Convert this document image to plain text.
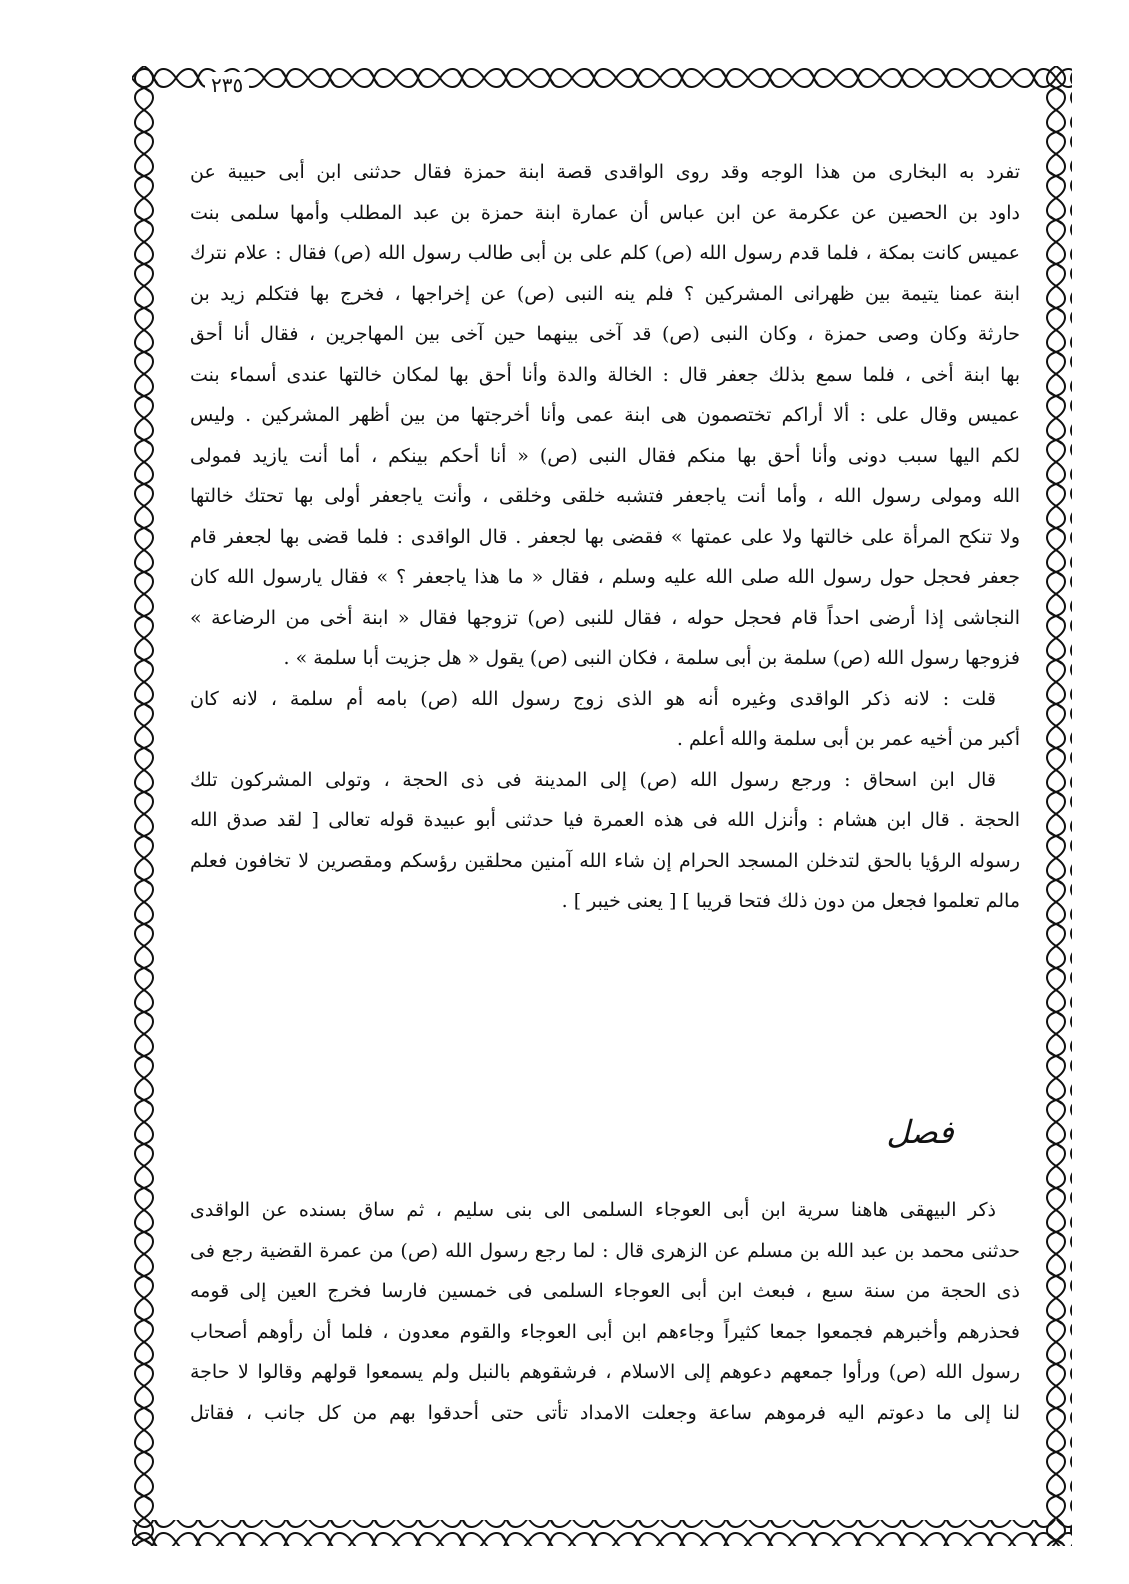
٢٣٥

تفرد به البخارى من هذا الوجه وقد روى الواقدى قصة ابنة حمزة فقال حدثنى ابن أبى حبيبة عن
داود بن الحصين عن عكرمة عن ابن عباس أن عمارة ابنة حمزة بن عبد المطلب وأمها سلمى بنت
عميس كانت بمكة ، فلما قدم رسول الله (ص) كلم على بن أبى طالب رسول الله (ص) فقال : علام نترك
ابنة عمنا يتيمة بين ظهرانى المشركين ؟ فلم ينه النبى (ص) عن إخراجها ، فخرج بها فتكلم زيد بن
حارثة وكان وصى حمزة ، وكان النبى (ص) قد آخى بينهما حين آخى بين المهاجرين ، فقال أنا أحق
بها ابنة أخى ، فلما سمع بذلك جعفر قال : الخالة والدة وأنا أحق بها لمكان خالتها عندى أسماء بنت
عميس وقال على : ألا أراكم تختصمون هى ابنة عمى وأنا أخرجتها من بين أظهر المشركين . وليس
لكم اليها سبب دونى وأنا أحق بها منكم فقال النبى (ص) « أنا أحكم بينكم ، أما أنت يازيد فمولى
الله ومولى رسول الله ، وأما أنت ياجعفر فتشبه خلقى وخلقى ، وأنت ياجعفر أولى بها تحتك خالتها
ولا تنكح المرأة على خالتها ولا على عمتها » فقضى بها لجعفر . قال الواقدى : فلما قضى بها لجعفر قام
جعفر فحجل حول رسول الله صلى الله عليه وسلم ، فقال « ما هذا ياجعفر ؟ » فقال يارسول الله كان
النجاشى إذا أرضى احداً قام فحجل حوله ، فقال للنبى (ص) تزوجها فقال « ابنة أخى من الرضاعة »
فزوجها رسول الله (ص) سلمة بن أبى سلمة ، فكان النبى (ص) يقول « هل جزيت أبا سلمة » .

قلت : لانه ذكر الواقدى وغيره أنه هو الذى زوج رسول الله (ص) بامه أم سلمة ، لانه كان

أكبر من أخيه عمر بن أبى سلمة والله أعلم .

قال ابن اسحاق : ورجع رسول الله (ص) إلى المدينة فى ذى الحجة ، وتولى المشركون تلك

الحجة . قال ابن هشام : وأنزل الله فى هذه العمرة فيا حدثنى أبو عبيدة قوله تعالى [ لقد صدق الله
رسوله الرؤيا بالحق لتدخلن المسجد الحرام إن شاء الله آمنين محلقين رؤسكم ومقصرين لا تخافون فعلم
مالم تعلموا فجعل من دون ذلك فتحا قريبا ] [ يعنى خيبر ] .

فصل

ذكر البيهقى هاهنا سرية ابن أبى العوجاء السلمى الى بنى سليم ، ثم ساق بسنده عن الواقدى

حدثنى محمد بن عبد الله بن مسلم عن الزهرى قال : لما رجع رسول الله (ص) من عمرة القضية رجع فى
ذى الحجة من سنة سبع ، فبعث ابن أبى العوجاء السلمى فى خمسين فارسا فخرج العين إلى قومه
فحذرهم وأخبرهم فجمعوا جمعا كثيراً وجاءهم ابن أبى العوجاء والقوم معدون ، فلما أن رأوهم أصحاب
رسول الله (ص) ورأوا جمعهم دعوهم إلى الاسلام ، فرشقوهم بالنبل ولم يسمعوا قولهم وقالوا لا حاجة
لنا إلى ما دعوتم اليه فرموهم ساعة وجعلت الامداد تأتى حتى أحدقوا بهم من كل جانب ، فقاتل
